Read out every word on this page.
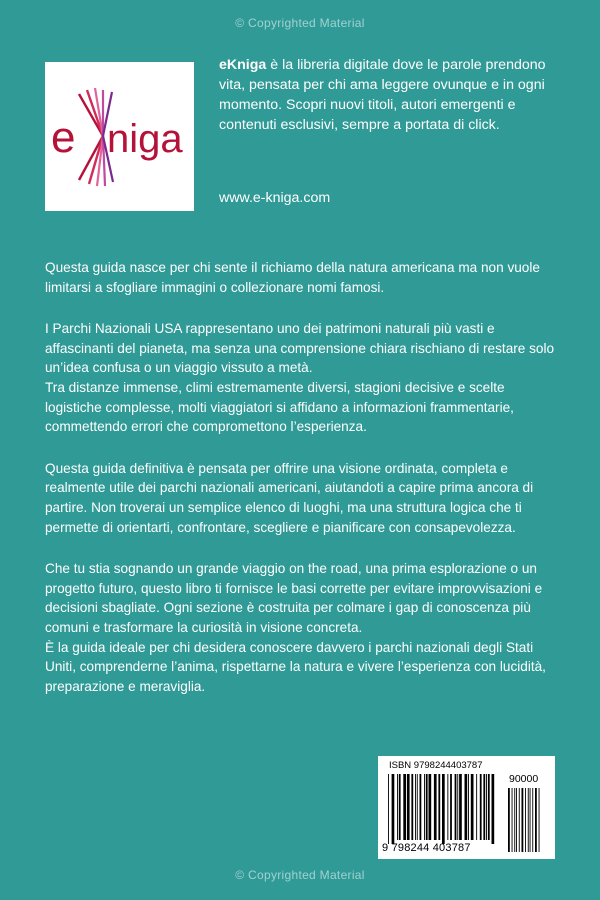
© Copyrighted Material
e niga
eKniga è la libreria digitale dove le parole prendono vita, pensata per chi ama leggere ovunque e in ogni momento. Scopri nuovi titoli, autori emergenti e contenuti esclusivi, sempre a portata di click.
www.e-kniga.com

Questa guida nasce per chi sente il richiamo della natura americana ma non vuole limitarsi a sfogliare immagini o collezionare nomi famosi.

I Parchi Nazionali USA rappresentano uno dei patrimoni naturali più vasti e affascinanti del pianeta, ma senza una comprensione chiara rischiano di restare solo un’idea confusa o un viaggio vissuto a metà.
Tra distanze immense, climi estremamente diversi, stagioni decisive e scelte logistiche complesse, molti viaggiatori si affidano a informazioni frammentarie, commettendo errori che compromettono l’esperienza.

Questa guida definitiva è pensata per offrire una visione ordinata, completa e realmente utile dei parchi nazionali americani, aiutandoti a capire prima ancora di partire. Non troverai un semplice elenco di luoghi, ma una struttura logica che ti permette di orientarti, confrontare, scegliere e pianificare con consapevolezza.

Che tu stia sognando un grande viaggio on the road, una prima esplorazione o un progetto futuro, questo libro ti fornisce le basi corrette per evitare improvvisazioni e decisioni sbagliate. Ogni sezione è costruita per colmare i gap di conoscenza più comuni e trasformare la curiosità in visione concreta.
È la guida ideale per chi desidera conoscere davvero i parchi nazionali degli Stati Uniti, comprenderne l’anima, rispettarne la natura e vivere l’esperienza con lucidità, preparazione e meraviglia.

ISBN 9798244403787
90000
9 798244 403787
© Copyrighted Material
